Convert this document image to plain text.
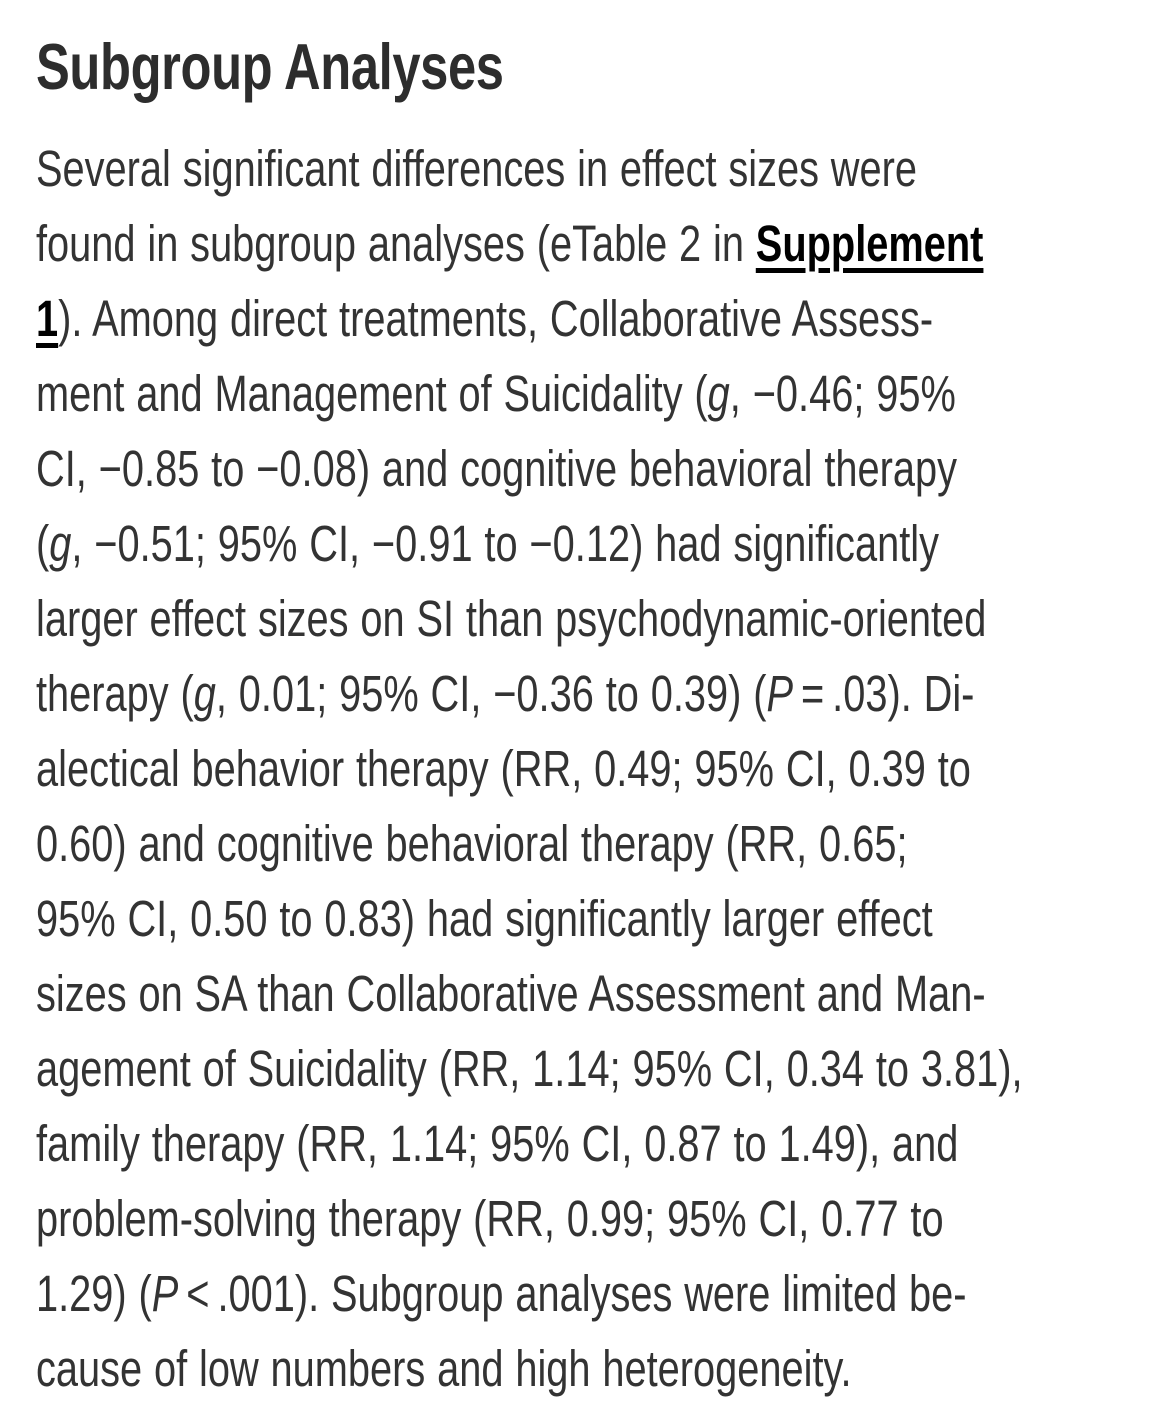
Subgroup Analyses
Several significant differences in effect sizes were
found in subgroup analyses (eTable 2 in Supplement
1). Among direct treatments, Collaborative Assess-
ment and Management of Suicidality (g, −0.46; 95%
CI, −0.85 to −0.08) and cognitive behavioral therapy
(g, −0.51; 95% CI, −0.91 to −0.12) had significantly
larger effect sizes on SI than psychodynamic-oriented
therapy (g, 0.01; 95% CI, −0.36 to 0.39) (P = .03). Di-
alectical behavior therapy (RR, 0.49; 95% CI, 0.39 to
0.60) and cognitive behavioral therapy (RR, 0.65;
95% CI, 0.50 to 0.83) had significantly larger effect
sizes on SA than Collaborative Assessment and Man-
agement of Suicidality (RR, 1.14; 95% CI, 0.34 to 3.81),
family therapy (RR, 1.14; 95% CI, 0.87 to 1.49), and
problem-solving therapy (RR, 0.99; 95% CI, 0.77 to
1.29) (P < .001). Subgroup analyses were limited be-
cause of low numbers and high heterogeneity.
